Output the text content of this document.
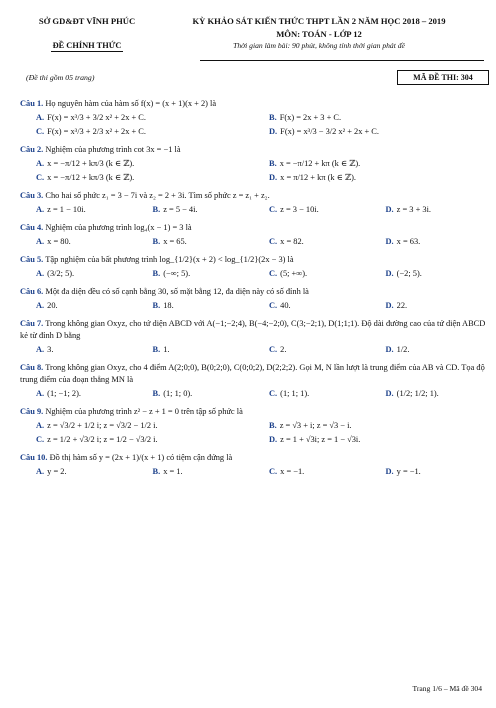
SỞ GD&ĐT VĨNH PHÚC
ĐỀ CHÍNH THỨC
KỲ KHẢO SÁT KIẾN THỨC THPT LẦN 2 NĂM HỌC 2018 – 2019
MÔN: TOÁN - LỚP 12
Thời gian làm bài: 90 phút, không tính thời gian phát đề
(Đề thi gồm 05 trang)	MÃ ĐỀ THI: 304
Câu 1. Họ nguyên hàm của hàm số f(x) = (x + 1)(x + 2) là
A. F(x) = x³/3 + 3/2 x² + 2x + C.	B. F(x) = 2x + 3 + C.
C. F(x) = x³/3 + 2/3 x² + 2x + C.	D. F(x) = x³/3 − 3/2 x² + 2x + C.
Câu 2. Nghiệm của phương trình cot 3x = −1 là
A. x = −π/12 + kπ/3 (k ∈ ℤ).	B. x = −π/12 + kπ (k ∈ ℤ).
C. x = −π/12 + kπ/3 (k ∈ ℤ).	D. x = π/12 + kπ (k ∈ ℤ).
Câu 3. Cho hai số phức z₁ = 3 − 7i và z₂ = 2 + 3i. Tìm số phức z = z₁ + z₂.
A. z = 1 − 10i.	B. z = 5 − 4i.	C. z = 3 − 10i.	D. z = 3 + 3i.
Câu 4. Nghiệm của phương trình log₄(x − 1) = 3 là
A. x = 80.	B. x = 65.	C. x = 82.	D. x = 63.
Câu 5. Tập nghiệm của bất phương trình log_{1/2}(x + 2) < log_{1/2}(2x − 3) là
A. (3/2; 5).	B. (−∞; 5).	C. (5; +∞).	D. (−2; 5).
Câu 6. Một đa diện đều có số cạnh bằng 30, số mặt bằng 12, đa diện này có số đỉnh là
A. 20.	B. 18.	C. 40.	D. 22.
Câu 7. Trong không gian Oxyz, cho tứ diện ABCD với A(−1;−2;4), B(−4;−2;0), C(3;−2;1), D(1;1;1). Độ dài đường cao của tứ diện ABCD kẻ từ đỉnh D bằng
A. 3.	B. 1.	C. 2.	D. 1/2.
Câu 8. Trong không gian Oxyz, cho 4 điểm A(2;0;0), B(0;2;0), C(0;0;2), D(2;2;2). Gọi M, N lần lượt là trung điểm của AB và CD. Tọa độ trung điểm của đoạn thẳng MN là
A. (1; −1; 2).	B. (1; 1; 0).	C. (1; 1; 1).	D. (1/2; 1/2; 1).
Câu 9. Nghiệm của phương trình z² − z + 1 = 0 trên tập số phức là
A. z = √3/2 + 1/2 i; z = √3/2 − 1/2 i.	B. z = √3 + i; z = √3 − i.
C. z = 1/2 + √3/2 i; z = 1/2 − √3/2 i.	D. z = 1 + √3i; z = 1 − √3i.
Câu 10. Đồ thị hàm số y = (2x + 1)/(x + 1) có tiệm cận đứng là
A. y = 2.	B. x = 1.	C. x = −1.	D. y = −1.
Trang 1/6 – Mã đề 304
